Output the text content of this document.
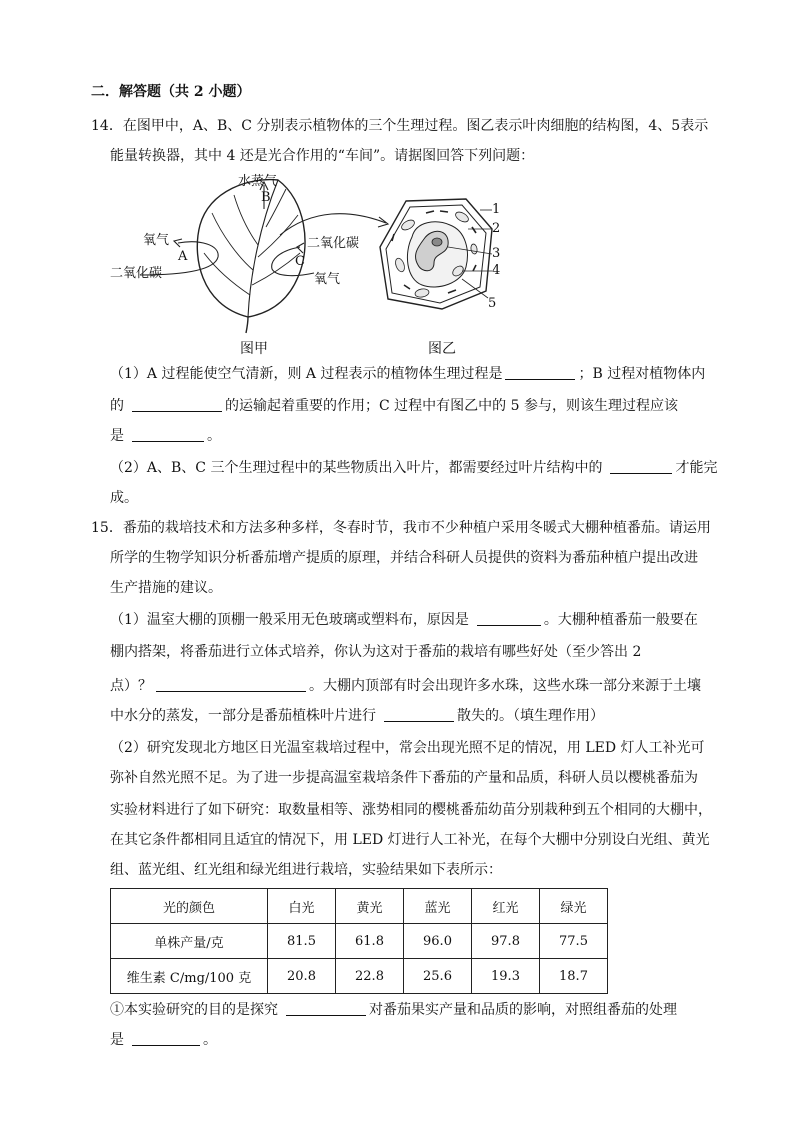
二．解答题（共 2 小题）
14．在图甲中，A、B、C 分别表示植物体的三个生理过程。图乙表示叶肉细胞的结构图，4、5表示
能量转换器，其中 4 还是光合作用的“车间”。请据图回答下列问题：
水蒸气
B
氧气
A
二氧化碳
二氧化碳
C
氧气
图甲
1
2
3
4
5
图乙
（1）A 过程能使空气清新，则 A 过程表示的植物体生理过程是	；B 过程对植物体内
的	的运输起着重要的作用；C 过程中有图乙中的 5 参与，则该生理过程应该
是	。
（2）A、B、C 三个生理过程中的某些物质出入叶片，都需要经过叶片结构中的	才能完
成。
15．番茄的栽培技术和方法多种多样，冬春时节，我市不少种植户采用冬暖式大棚种植番茄。请运用
所学的生物学知识分析番茄增产提质的原理，并结合科研人员提供的资料为番茄种植户提出改进
生产措施的建议。
（1）温室大棚的顶棚一般采用无色玻璃或塑料布，原因是	。大棚种植番茄一般要在
棚内搭架，将番茄进行立体式培养，你认为这对于番茄的栽培有哪些好处（至少答出 2
点）？	。大棚内顶部有时会出现许多水珠，这些水珠一部分来源于土壤
中水分的蒸发，一部分是番茄植株叶片进行	散失的。（填生理作用）
（2）研究发现北方地区日光温室栽培过程中，常会出现光照不足的情况，用 LED 灯人工补光可
弥补自然光照不足。为了进一步提高温室栽培条件下番茄的产量和品质，科研人员以樱桃番茄为
实验材料进行了如下研究：取数量相等、涨势相同的樱桃番茄幼苗分别栽种到五个相同的大棚中，
在其它条件都相同且适宜的情况下，用 LED 灯进行人工补光，在每个大棚中分别设白光组、黄光
组、蓝光组、红光组和绿光组进行栽培，实验结果如下表所示：
光的颜色	白光	黄光	蓝光	红光	绿光
单株产量/克	81.5	61.8	96.0	97.8	77.5
维生素 C/mg/100 克	20.8	22.8	25.6	19.3	18.7
①本实验研究的目的是探究	对番茄果实产量和品质的影响，对照组番茄的处理
是	。
